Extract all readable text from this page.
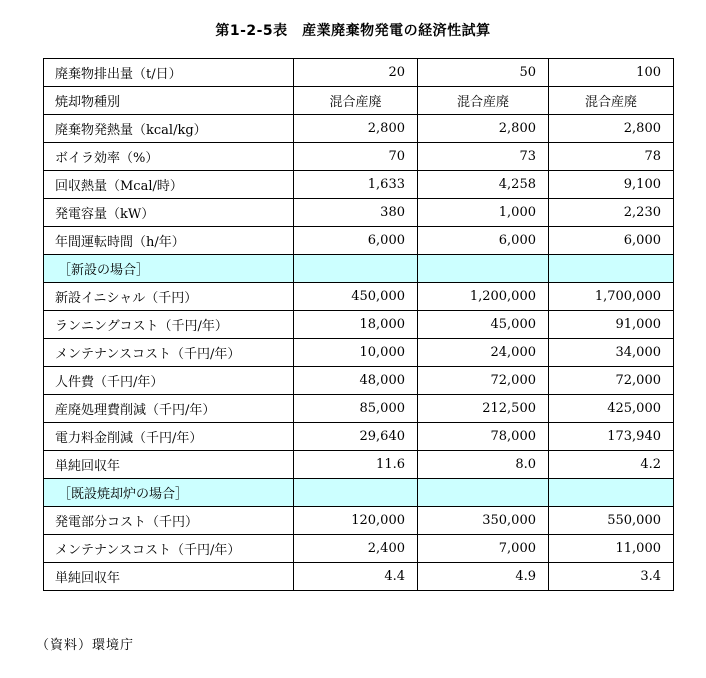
第1-2-5表　産業廃棄物発電の経済性試算
廃棄物排出量（t/日）	20	50	100
焼却物種別	混合産廃	混合産廃	混合産廃
廃棄物発熱量（kcal/kg）	2,800	2,800	2,800
ボイラ効率（%）	70	73	78
回収熱量（Mcal/時）	1,633	4,258	9,100
発電容量（kW）	380	1,000	2,230
年間運転時間（h/年）	6,000	6,000	6,000
［新設の場合］			
新設イニシャル（千円）	450,000	1,200,000	1,700,000
ランニングコスト（千円/年）	18,000	45,000	91,000
メンテナンスコスト（千円/年）	10,000	24,000	34,000
人件費（千円/年）	48,000	72,000	72,000
産廃処理費削減（千円/年）	85,000	212,500	425,000
電力料金削減（千円/年）	29,640	78,000	173,940
単純回収年	11.6	8.0	4.2
［既設焼却炉の場合］			
発電部分コスト（千円）	120,000	350,000	550,000
メンテナンスコスト（千円/年）	2,400	7,000	11,000
単純回収年	4.4	4.9	3.4
（資料）環境庁
